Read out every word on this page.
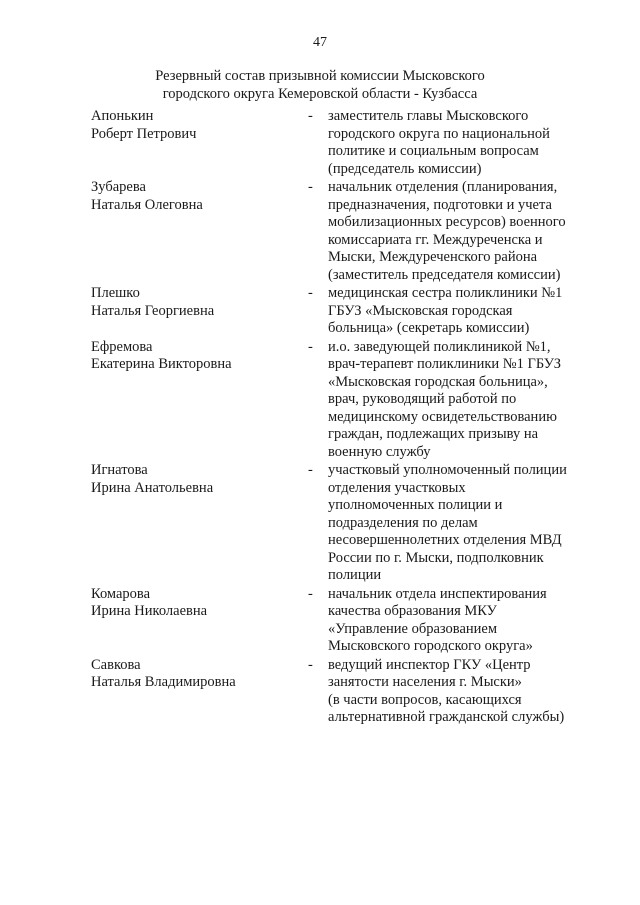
47
Резервный состав призывной комиссии Мысковского
городского округа Кемеровской области - Кузбасса
Апонькин
Роберт Петрович
-	заместитель главы Мысковского
городского округа по национальной
политике и социальным вопросам
(председатель комиссии)
Зубарева
Наталья Олеговна
-	начальник отделения (планирования,
предназначения, подготовки и учета
мобилизационных ресурсов) военного
комиссариата гг. Междуреченска и
Мыски, Междуреченского района
(заместитель председателя комиссии)
Плешко
Наталья Георгиевна
-	медицинская сестра поликлиники №1
ГБУЗ «Мысковская городская
больница» (секретарь комиссии)
Ефремова
Екатерина Викторовна
-	и.о. заведующей поликлиникой №1,
врач-терапевт поликлиники №1 ГБУЗ
«Мысковская городская больница»,
врач, руководящий работой по
медицинскому освидетельствованию
граждан, подлежащих призыву на
военную службу
Игнатова
Ирина Анатольевна
-	участковый уполномоченный полиции
отделения участковых
уполномоченных полиции и
подразделения по делам
несовершеннолетних отделения МВД
России по г. Мыски, подполковник
полиции
Комарова
Ирина Николаевна
-	начальник отдела инспектирования
качества образования МКУ
«Управление образованием
Мысковского городского округа»
Савкова
Наталья Владимировна
-	ведущий инспектор ГКУ «Центр
занятости населения г. Мыски»
(в части вопросов, касающихся
альтернативной гражданской службы)
